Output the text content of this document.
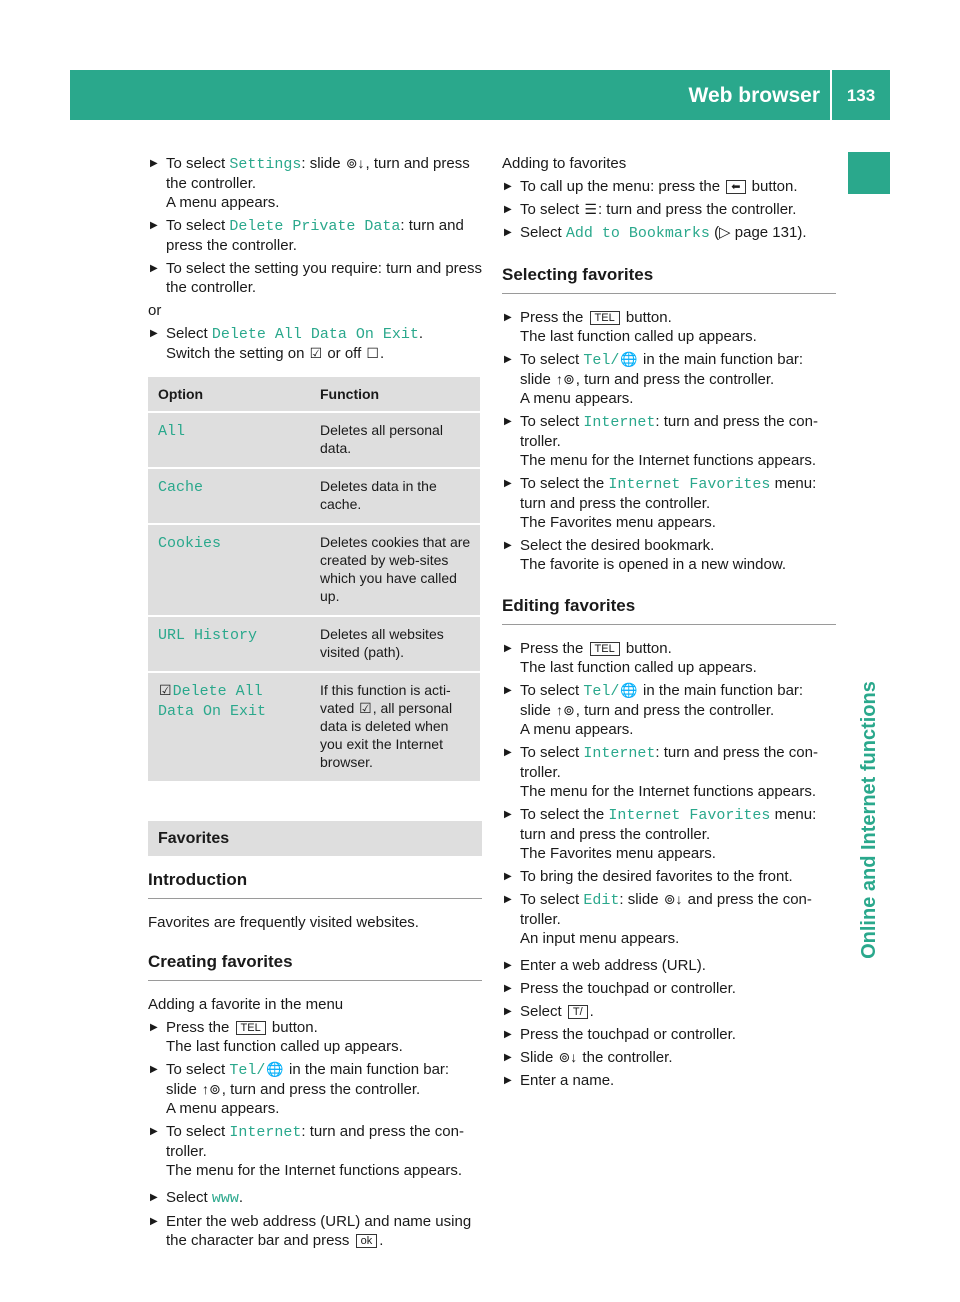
Web browser	133
Online and Internet functions
▶ To select Settings: slide ⊚↓, turn and press the controller.
A menu appears.
▶ To select Delete Private Data: turn and press the controller.
▶ To select the setting you require: turn and press the controller.
or
▶ Select Delete All Data On Exit.
Switch the setting on ☑ or off ☐.
Option	Function
All	Deletes all personal data.
Cache	Deletes data in the cache.
Cookies	Deletes cookies that are created by web-sites which you have called up.
URL History	Deletes all websites visited (path).
☑Delete All
Data On Exit	If this function is acti-vated ☑, all personal data is deleted when you exit the Internet browser.
Favorites
Introduction
Favorites are frequently visited websites.
Creating favorites
Adding a favorite in the menu
▶ Press the TEL button.
The last function called up appears.
▶ To select Tel/🌐 in the main function bar:
slide ↑⊚, turn and press the controller.
A menu appears.
▶ To select Internet: turn and press the con-troller.
The menu for the Internet functions appears.
▶ Select www.
▶ Enter the web address (URL) and name using the character bar and press ok .
Adding to favorites
▶ To call up the menu: press the ⬅ button.
▶ To select ☰: turn and press the controller.
▶ Select Add to Bookmarks (▷ page 131).
Selecting favorites
▶ Press the TEL button.
The last function called up appears.
▶ To select Tel/🌐 in the main function bar:
slide ↑⊚, turn and press the controller.
A menu appears.
▶ To select Internet: turn and press the con-troller.
The menu for the Internet functions appears.
▶ To select the Internet Favorites menu:
turn and press the controller.
The Favorites menu appears.
▶ Select the desired bookmark.
The favorite is opened in a new window.
Editing favorites
▶ Press the TEL button.
The last function called up appears.
▶ To select Tel/🌐 in the main function bar:
slide ↑⊚, turn and press the controller.
A menu appears.
▶ To select Internet: turn and press the con-troller.
The menu for the Internet functions appears.
▶ To select the Internet Favorites menu:
turn and press the controller.
The Favorites menu appears.
▶ To bring the desired favorites to the front.
▶ To select Edit: slide ⊚↓ and press the con-troller.
An input menu appears.
▶ Enter a web address (URL).
▶ Press the touchpad or controller.
▶ Select T/ .
▶ Press the touchpad or controller.
▶ Slide ⊚↓ the controller.
▶ Enter a name.
